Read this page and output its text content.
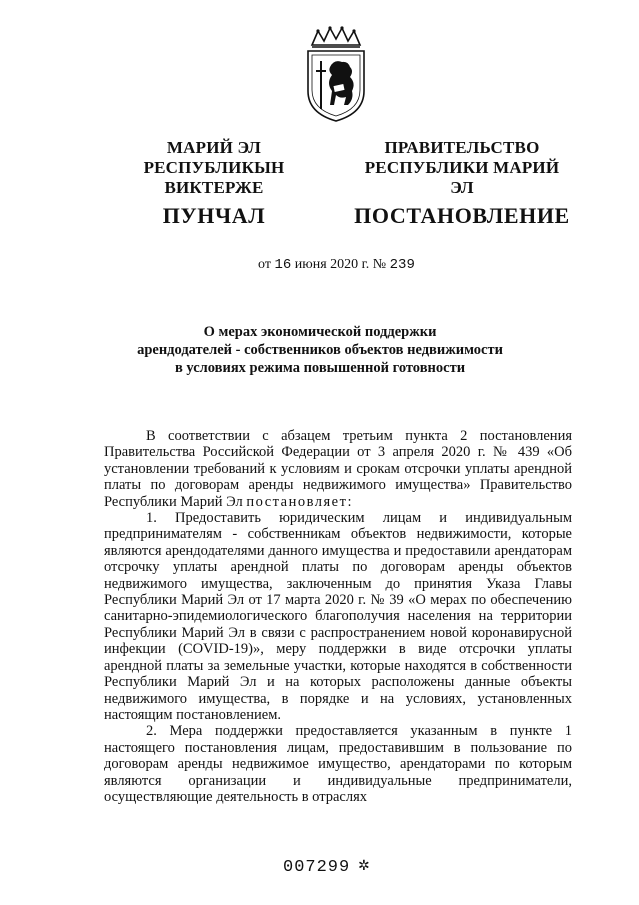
МАРИЙ ЭЛ РЕСПУБЛИКЫН
ВИКТЕРЖЕ
ПУНЧАЛ
ПРАВИТЕЛЬСТВО
РЕСПУБЛИКИ МАРИЙ ЭЛ
ПОСТАНОВЛЕНИЕ
от 16 июня 2020 г. № 239
О мерах экономической поддержки
арендодателей - собственников объектов недвижимости
в условиях режима повышенной готовности

В соответствии с абзацем третьим пункта 2 постановления Правительства Российской Федерации от 3 апреля 2020 г. № 439 «Об установлении требований к условиям и срокам отсрочки уплаты арендной платы по договорам аренды недвижимого имущества» Правительство Республики Марий Эл постановляет:

1. Предоставить юридическим лицам и индивидуальным предпринимателям - собственникам объектов недвижимости, которые являются арендодателями данного имущества и предоставили арендаторам отсрочку уплаты арендной платы по договорам аренды объектов недвижимого имущества, заключенным до принятия Указа Главы Республики Марий Эл от 17 марта 2020 г. № 39 «О мерах по обеспечению санитарно-эпидемиологического благополучия населения на территории Республики Марий Эл в связи с распространением новой коронавирусной инфекции (COVID-19)», меру поддержки в виде отсрочки уплаты арендной платы за земельные участки, которые находятся в собственности Республики Марий Эл и на которых расположены данные объекты недвижимого имущества, в порядке и на условиях, установленных настоящим постановлением.

2. Мера поддержки предоставляется указанным в пункте 1 настоящего постановления лицам, предоставившим в пользование по договорам аренды недвижимое имущество, арендаторами по которым являются организации и индивидуальные предприниматели, осуществляющие деятельность в отраслях

007299 ✲
